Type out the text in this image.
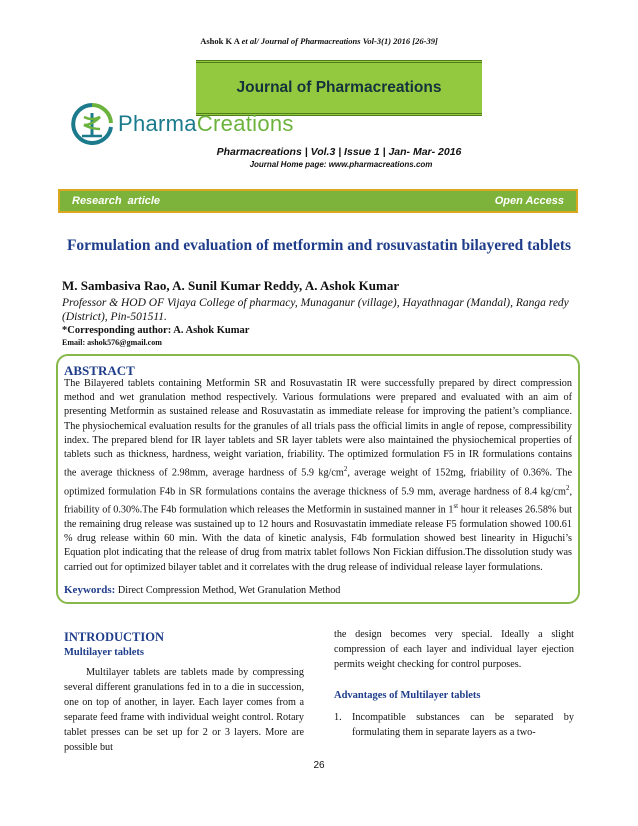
Ashok K A et al/ Journal of Pharmacreations Vol-3(1) 2016 [26-39]
Journal of Pharmacreations
PharmaCreations
Pharmacreations | Vol.3 | Issue 1 | Jan- Mar- 2016
Journal Home page: www.pharmacreations.com
Research  article	Open Access
Formulation and evaluation of metformin and rosuvastatin bilayered tablets
M. Sambasiva Rao, A. Sunil Kumar Reddy, A. Ashok Kumar
Professor & HOD OF Vijaya College of pharmacy, Munaganur (village), Hayathnagar (Mandal), Ranga redy (District), Pin-501511.
*Corresponding author: A. Ashok Kumar
Email: ashok576@gmail.com
ABSTRACT
The Bilayered tablets containing Metformin SR and Rosuvastatin IR were successfully prepared by direct compression method and wet granulation method respectively. Various formulations were prepared and evaluated with an aim of presenting Metformin as sustained release and Rosuvastatin as immediate release for improving the patient’s compliance. The physiochemical evaluation results for the granules of all trials pass the official limits in angle of repose, compressibility index. The prepared blend for IR layer tablets and SR layer tablets were also maintained the physiochemical properties of tablets such as thickness, hardness, weight variation, friability. The optimized formulation F5 in IR formulations contains the average thickness of 2.98mm, average hardness of 5.9 $kg/cm^2$, average weight of 152mg, friability of 0.36%. The optimized formulation F4b in SR formulations contains the average thickness of 5.9 mm, average hardness of 8.4 $kg/cm^2$, friability of 0.30%.The F4b formulation which releases the Metformin in sustained manner in 1st hour it releases 26.58% but the remaining drug release was sustained up to 12 hours and Rosuvastatin immediate release F5 formulation showed 100.61 % drug release within 60 min. With the data of kinetic analysis, F4b formulation showed best linearity in Higuchi’s Equation plot indicating that the release of drug from matrix tablet follows Non Fickian diffusion.The dissolution study was carried out for optimized bilayer tablet and it correlates with the drug release of individual release layer formulations.
Keywords: Direct Compression Method, Wet Granulation Method
INTRODUCTION
Multilayer tablets
Multilayer tablets are tablets made by compressing several different granulations fed in to a die in succession, one on top of another, in layer. Each layer comes from a separate feed frame with individual weight control. Rotary tablet presses can be set up for 2 or 3 layers. More are possible but
the design becomes very special. Ideally a slight compression of each layer and individual layer ejection permits weight checking for control purposes.
Advantages of Multilayer tablets
1.	Incompatible substances can be separated by formulating them in separate layers as a two-
26
